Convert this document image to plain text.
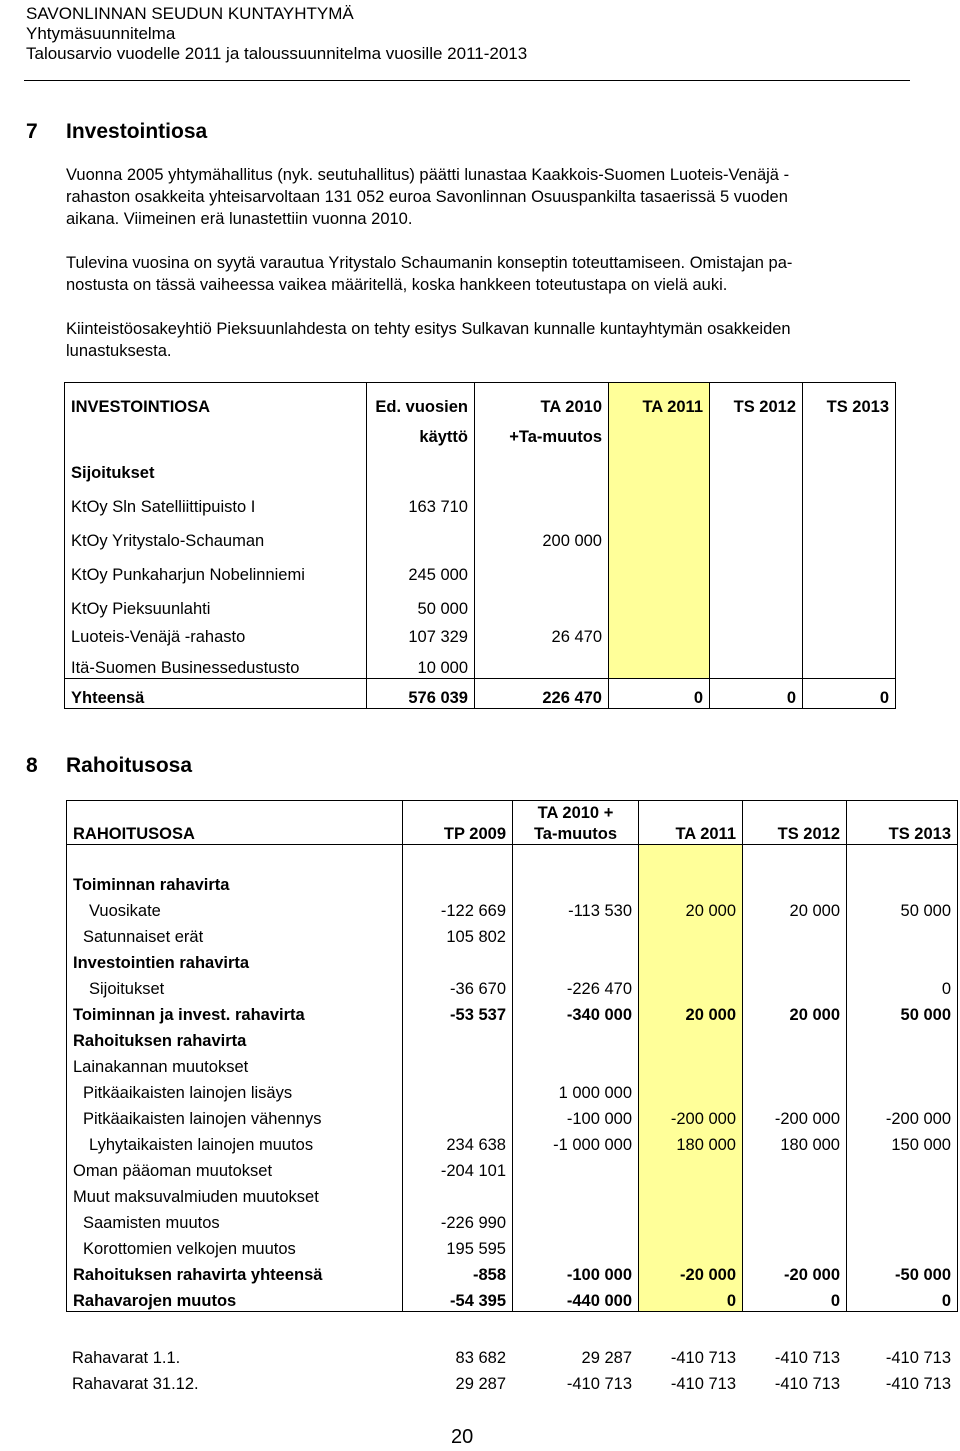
SAVONLINNAN SEUDUN KUNTAYHTYMÄ
Yhtymäsuunnitelma
Talousarvio vuodelle 2011 ja taloussuunnitelma vuosille 2011-2013
7 Investointiosa
Vuonna 2005 yhtymähallitus (nyk. seutuhallitus) päätti lunastaa Kaakkois-Suomen Luoteis-Venäjä -
rahaston osakkeita yhteisarvoltaan 131 052 euroa Savonlinnan Osuuspankilta tasaerissä 5 vuoden
aikana. Viimeinen erä lunastettiin vuonna 2010.
Tulevina vuosina on syytä varautua Yritystalo Schaumanin konseptin toteuttamiseen. Omistajan pa-
nostusta on tässä vaiheessa vaikea määritellä, koska hankkeen toteutustapa on vielä auki.
Kiinteistöosakeyhtiö Pieksuunlahdesta on tehty esitys Sulkavan kunnalle kuntayhtymän osakkeiden
lunastuksesta.
INVESTOINTIOSA	Ed. vuosien	TA 2010	TA 2011	TS 2012	TS 2013
	käyttö	+Ta-muutos			
Sijoitukset					
KtOy Sln Satelliittipuisto I	163 710				
KtOy Yritystalo-Schauman		200 000			
KtOy Punkaharjun Nobelinniemi	245 000				
KtOy Pieksuunlahti	50 000				
Luoteis-Venäjä -rahasto	107 329	26 470			
Itä-Suomen Businessedustusto	10 000				
Yhteensä	576 039	226 470	0	0	0
8 Rahoitusosa
		TA 2010 +			
RAHOITUSOSA	TP 2009	Ta-muutos	TA 2011	TS 2012	TS 2013

Toiminnan rahavirta					
Vuosikate	-122 669	-113 530	20 000	20 000	50 000
Satunnaiset erät	105 802				
Investointien rahavirta					
Sijoitukset	-36 670	-226 470			0
Toiminnan ja invest. rahavirta	-53 537	-340 000	20 000	20 000	50 000
Rahoituksen rahavirta					
Lainakannan muutokset					
Pitkäaikaisten lainojen lisäys		1 000 000			
Pitkäaikaisten lainojen vähennys		-100 000	-200 000	-200 000	-200 000
Lyhytaikaisten lainojen muutos	234 638	-1 000 000	180 000	180 000	150 000
Oman pääoman muutokset	-204 101				
Muut maksuvalmiuden muutokset					
Saamisten muutos	-226 990				
Korottomien velkojen muutos	195 595				
Rahoituksen rahavirta yhteensä	-858	-100 000	-20 000	-20 000	-50 000
Rahavarojen muutos	-54 395	-440 000	0	0	0
Rahavarat 1.1.	83 682	29 287	-410 713	-410 713	-410 713
Rahavarat 31.12.	29 287	-410 713	-410 713	-410 713	-410 713
20
